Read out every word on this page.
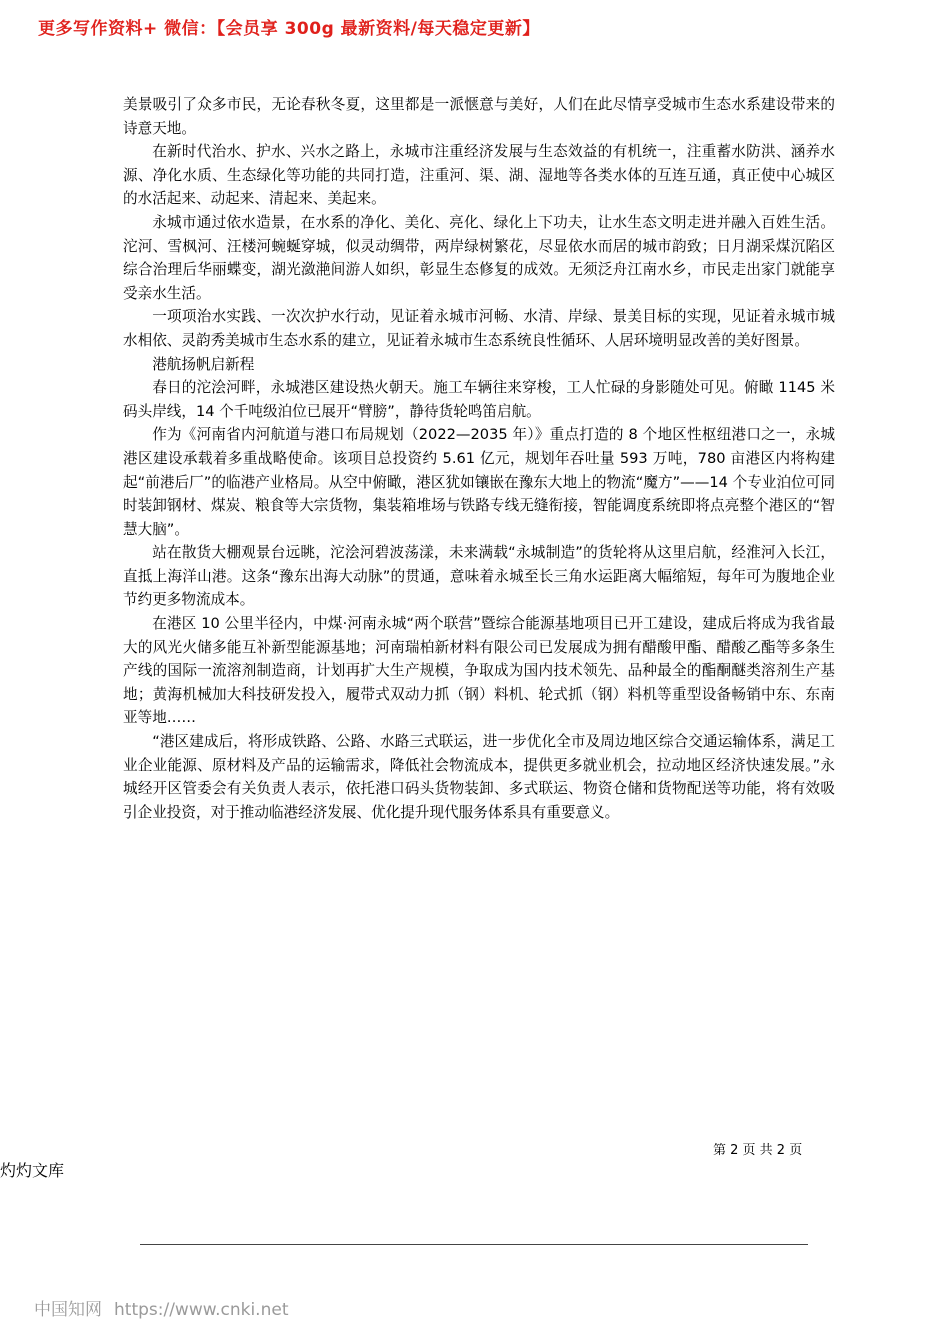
更多写作资料+ 微信：【会员享 300g 最新资料/每天稳定更新】

美景吸引了众多市民，无论春秋冬夏，这里都是一派惬意与美好，人们在此尽情享受城市生态水系建设带来的诗意天地。

在新时代治水、护水、兴水之路上，永城市注重经济发展与生态效益的有机统一，注重蓄水防洪、涵养水源、净化水质、生态绿化等功能的共同打造，注重河、渠、湖、湿地等各类水体的互连互通，真正使中心城区的水活起来、动起来、清起来、美起来。

永城市通过依水造景，在水系的净化、美化、亮化、绿化上下功夫，让水生态文明走进并融入百姓生活。沱河、雪枫河、汪楼河蜿蜒穿城，似灵动绸带，两岸绿树繁花，尽显依水而居的城市韵致；日月湖采煤沉陷区综合治理后华丽蝶变，湖光潋滟间游人如织，彰显生态修复的成效。无须泛舟江南水乡，市民走出家门就能享受亲水生活。

一项项治水实践、一次次护水行动，见证着永城市河畅、水清、岸绿、景美目标的实现，见证着永城市城水相依、灵韵秀美城市生态水系的建立，见证着永城市生态系统良性循环、人居环境明显改善的美好图景。

港航扬帆启新程

春日的沱浍河畔，永城港区建设热火朝天。施工车辆往来穿梭，工人忙碌的身影随处可见。俯瞰 1145 米码头岸线，14 个千吨级泊位已展开“臂膀”，静待货轮鸣笛启航。

作为《河南省内河航道与港口布局规划（2022—2035 年）》重点打造的 8 个地区性枢纽港口之一，永城港区建设承载着多重战略使命。该项目总投资约 5.61 亿元，规划年吞吐量 593 万吨，780 亩港区内将构建起“前港后厂”的临港产业格局。从空中俯瞰，港区犹如镶嵌在豫东大地上的物流“魔方”——14 个专业泊位可同时装卸钢材、煤炭、粮食等大宗货物，集装箱堆场与铁路专线无缝衔接，智能调度系统即将点亮整个港区的“智慧大脑”。

站在散货大棚观景台远眺，沱浍河碧波荡漾，未来满载“永城制造”的货轮将从这里启航，经淮河入长江，直抵上海洋山港。这条“豫东出海大动脉”的贯通，意味着永城至长三角水运距离大幅缩短，每年可为腹地企业节约更多物流成本。

在港区 10 公里半径内，中煤·河南永城“两个联营”暨综合能源基地项目已开工建设，建成后将成为我省最大的风光火储多能互补新型能源基地；河南瑞柏新材料有限公司已发展成为拥有醋酸甲酯、醋酸乙酯等多条生产线的国际一流溶剂制造商，计划再扩大生产规模，争取成为国内技术领先、品种最全的酯酮醚类溶剂生产基地；黄海机械加大科技研发投入，履带式双动力抓（钢）料机、轮式抓（钢）料机等重型设备畅销中东、东南亚等地……

“港区建成后，将形成铁路、公路、水路三式联运，进一步优化全市及周边地区综合交通运输体系，满足工业企业能源、原材料及产品的运输需求，降低社会物流成本，提供更多就业机会，拉动地区经济快速发展。”永城经开区管委会有关负责人表示，依托港口码头货物装卸、多式联运、物资仓储和货物配送等功能，将有效吸引企业投资，对于推动临港经济发展、优化提升现代服务体系具有重要意义。

第 2 页 共 2 页
灼灼文库
中国知网 https://www.cnki.net
